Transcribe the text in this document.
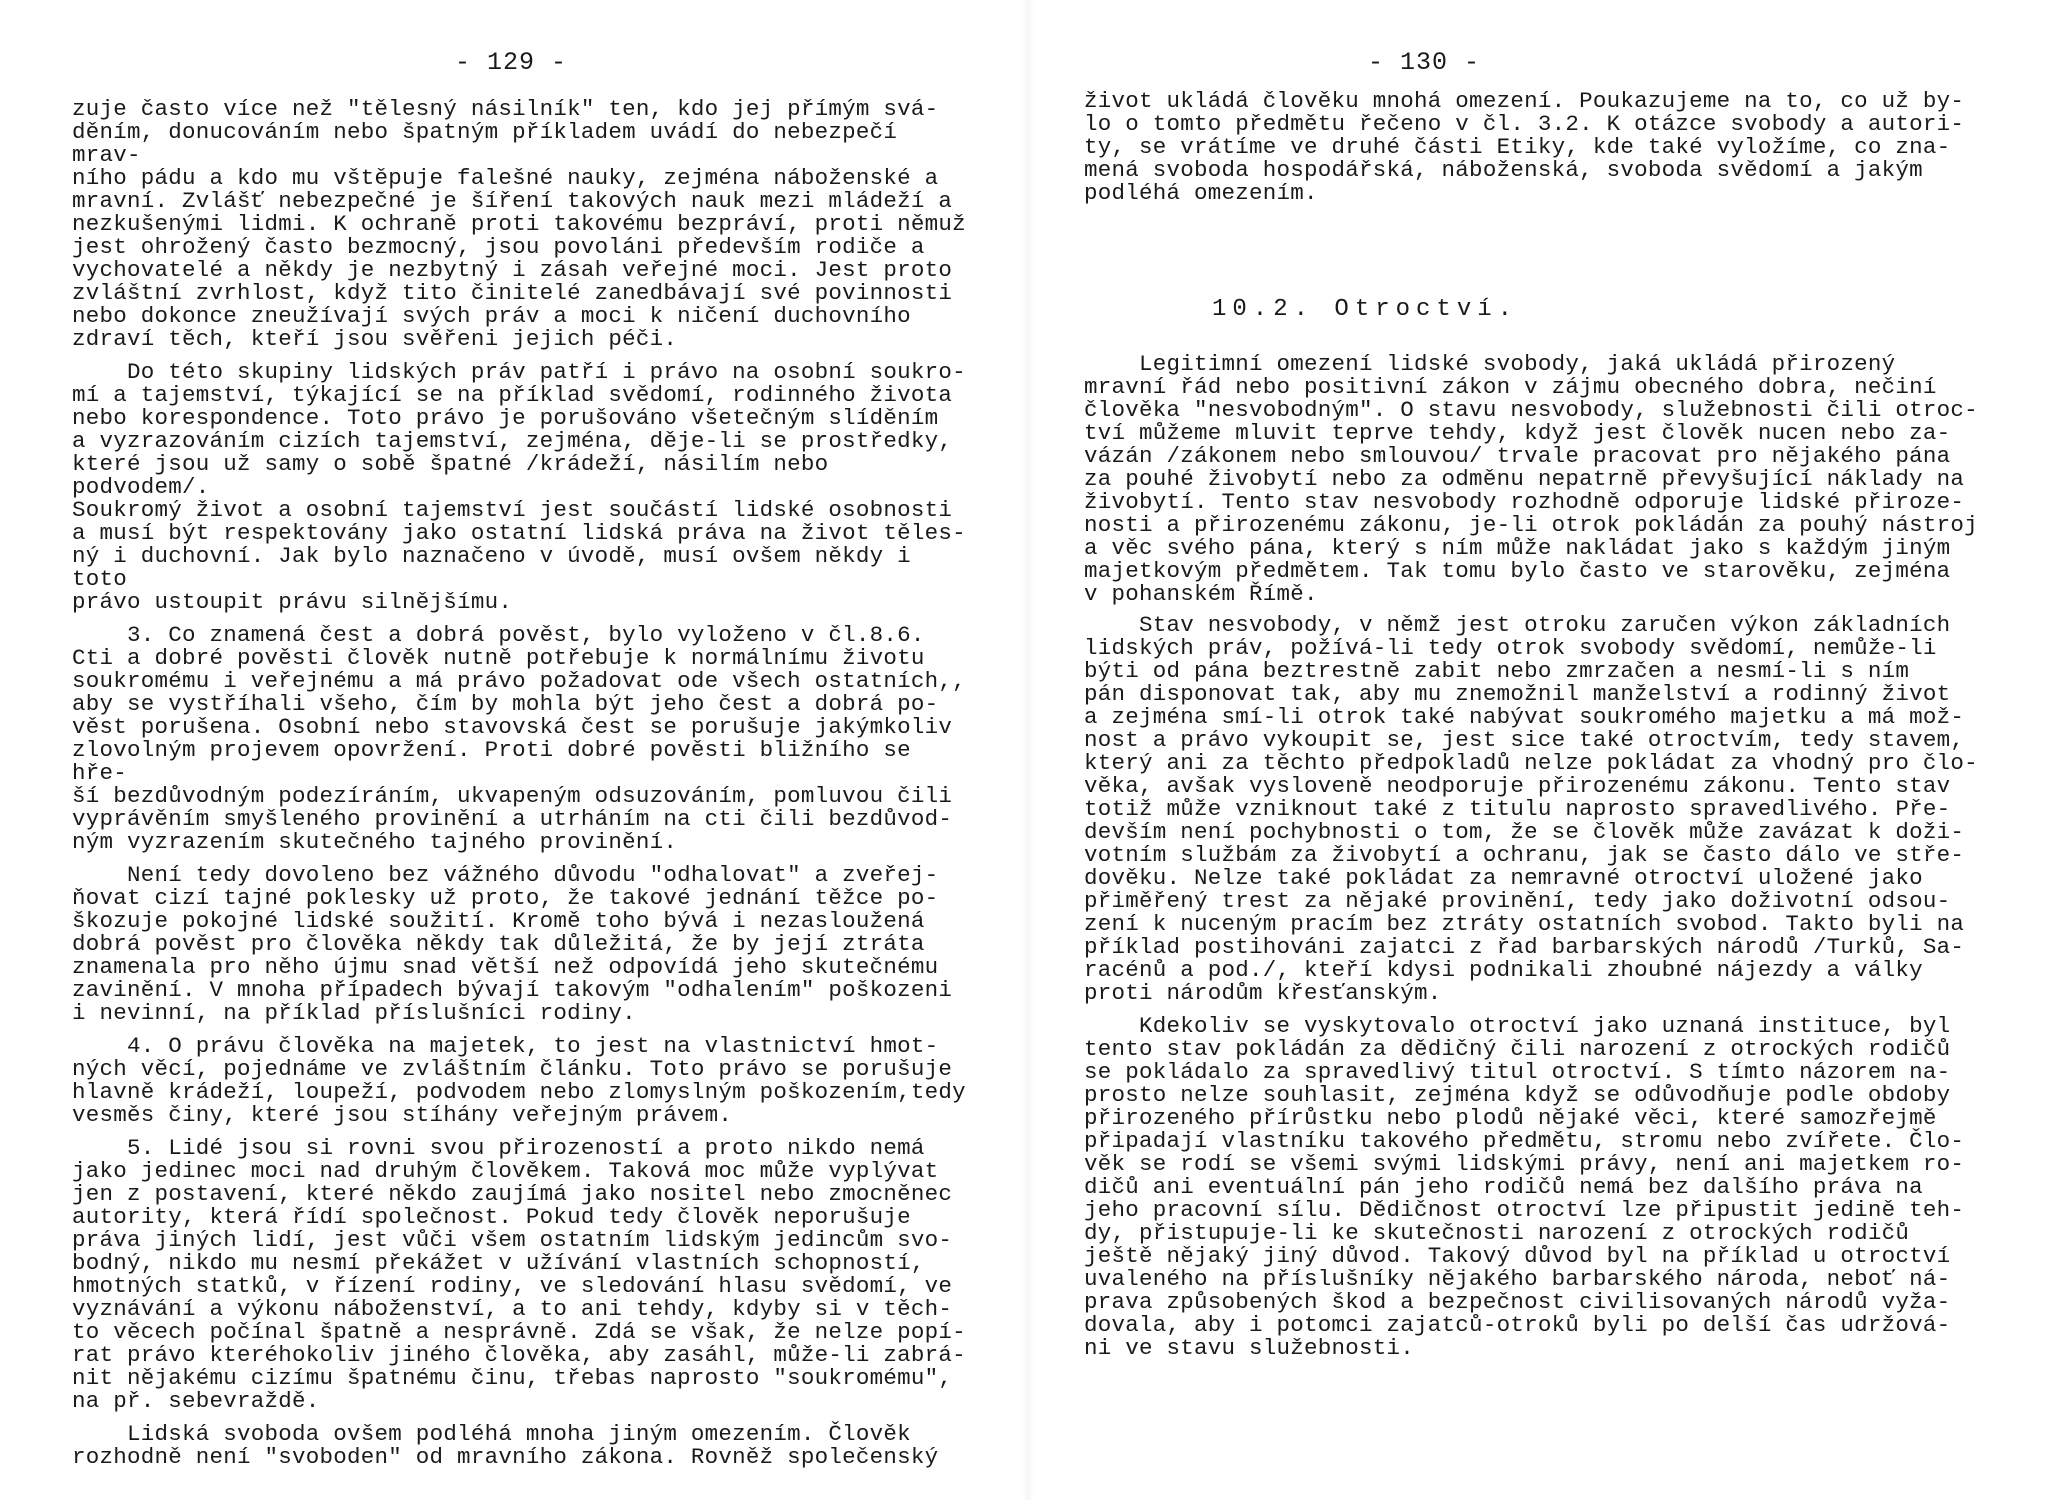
- 129 -

zuje často více než "tělesný násilník" ten, kdo jej přímým svá-
děním, donucováním nebo špatným příkladem uvádí do nebezpečí mrav-
ního pádu a kdo mu vštěpuje falešné nauky, zejména náboženské a
mravní. Zvlášť nebezpečné je šíření takových nauk mezi mládeží a
nezkušenými lidmi. K ochraně proti takovému bezpráví, proti němuž
jest ohrožený často bezmocný, jsou povoláni především rodiče a
vychovatelé a někdy je nezbytný i zásah veřejné moci. Jest proto
zvláštní zvrhlost, když tito činitelé zanedbávají své povinnosti
nebo dokonce zneužívají svých práv a moci k ničení duchovního
zdraví těch, kteří jsou svěřeni jejich péči.

Do této skupiny lidských práv patří i právo na osobní soukro-
mí a tajemství, týkající se na příklad svědomí, rodinného života
nebo korespondence. Toto právo je porušováno všetečným slíděním
a vyzrazováním cizích tajemství, zejména, děje-li se prostředky,
které jsou už samy o sobě špatné /krádeží, násilím nebo podvodem/.
Soukromý život a osobní tajemství jest součástí lidské osobnosti
a musí být respektovány jako ostatní lidská práva na život těles-
ný i duchovní. Jak bylo naznačeno v úvodě, musí ovšem někdy i toto
právo ustoupit právu silnějšímu.

3. Co znamená čest a dobrá pověst, bylo vyloženo v čl.8.6.
Cti a dobré pověsti člověk nutně potřebuje k normálnímu životu
soukromému i veřejnému a má právo požadovat ode všech ostatních,,
aby se vystříhali všeho, čím by mohla být jeho čest a dobrá po-
věst porušena. Osobní nebo stavovská čest se porušuje jakýmkoliv
zlovolným projevem opovržení. Proti dobré pověsti bližního se hře-
ší bezdůvodným podezíráním, ukvapeným odsuzováním, pomluvou čili
vyprávěním smyšleného provinění a utrháním na cti čili bezdůvod-
ným vyzrazením skutečného tajného provinění.

Není tedy dovoleno bez vážného důvodu "odhalovat" a zveřej-
ňovat cizí tajné poklesky už proto, že takové jednání těžce po-
škozuje pokojné lidské soužití. Kromě toho bývá i nezasloužená
dobrá pověst pro člověka někdy tak důležitá, že by její ztráta
znamenala pro něho újmu snad větší než odpovídá jeho skutečnému
zavinění. V mnoha případech bývají takovým "odhalením" poškozeni
i nevinní, na příklad příslušníci rodiny.

4. O právu člověka na majetek, to jest na vlastnictví hmot-
ných věcí, pojednáme ve zvláštním článku. Toto právo se porušuje
hlavně krádeží, loupeží, podvodem nebo zlomyslným poškozením,tedy
vesměs činy, které jsou stíhány veřejným právem.

5. Lidé jsou si rovni svou přirozeností a proto nikdo nemá
jako jedinec moci nad druhým člověkem. Taková moc může vyplývat
jen z postavení, které někdo zaujímá jako nositel nebo zmocněnec
autority, která řídí společnost. Pokud tedy člověk neporušuje
práva jiných lidí, jest vůči všem ostatním lidským jedincům svo-
bodný, nikdo mu nesmí překážet v užívání vlastních schopností,
hmotných statků, v řízení rodiny, ve sledování hlasu svědomí, ve
vyznávání a výkonu náboženství, a to ani tehdy, kdyby si v těch-
to věcech počínal špatně a nesprávně. Zdá se však, že nelze popí-
rat právo kteréhokoliv jiného člověka, aby zasáhl, může-li zabrá-
nit nějakému cizímu špatnému činu, třebas naprosto "soukromému",
na př. sebevraždě.

Lidská svoboda ovšem podléhá mnoha jiným omezením. Člověk
rozhodně není "svoboden" od mravního zákona. Rovněž společenský

- 130 -

život ukládá člověku mnohá omezení. Poukazujeme na to, co už by-
lo o tomto předmětu řečeno v čl. 3.2. K otázce svobody a autori-
ty, se vrátíme ve druhé části Etiky, kde také vyložíme, co zna-
mená svoboda hospodářská, náboženská, svoboda svědomí a jakým
podléhá omezením.

10.2. Otroctví.

Legitimní omezení lidské svobody, jaká ukládá přirozený
mravní řád nebo positivní zákon v zájmu obecného dobra, nečiní
člověka "nesvobodným". O stavu nesvobody, služebnosti čili otroc-
tví můžeme mluvit teprve tehdy, když jest člověk nucen nebo za-
vázán /zákonem nebo smlouvou/ trvale pracovat pro nějakého pána
za pouhé živobytí nebo za odměnu nepatrně převyšující náklady na
živobytí. Tento stav nesvobody rozhodně odporuje lidské přiroze-
nosti a přirozenému zákonu, je-li otrok pokládán za pouhý nástroj
a věc svého pána, který s ním může nakládat jako s každým jiným
majetkovým předmětem. Tak tomu bylo často ve starověku, zejména
v pohanském Římě.

Stav nesvobody, v němž jest otroku zaručen výkon základních
lidských práv, požívá-li tedy otrok svobody svědomí, nemůže-li
býti od pána beztrestně zabit nebo zmrzačen a nesmí-li s ním
pán disponovat tak, aby mu znemožnil manželství a rodinný život
a zejména smí-li otrok také nabývat soukromého majetku a má mož-
nost a právo vykoupit se, jest sice také otroctvím, tedy stavem,
který ani za těchto předpokladů nelze pokládat za vhodný pro člo-
věka, avšak vysloveně neodporuje přirozenému zákonu. Tento stav
totiž může vzniknout také z titulu naprosto spravedlivého. Pře-
devším není pochybnosti o tom, že se člověk může zavázat k doži-
votním službám za živobytí a ochranu, jak se často dálo ve stře-
dověku. Nelze také pokládat za nemravné otroctví uložené jako
přiměřený trest za nějaké provinění, tedy jako doživotní odsou-
zení k nuceným pracím bez ztráty ostatních svobod. Takto byli na
příklad postihováni zajatci z řad barbarských národů /Turků, Sa-
racénů a pod./, kteří kdysi podnikali zhoubné nájezdy a války
proti národům křesťanským.

Kdekoliv se vyskytovalo otroctví jako uznaná instituce, byl
tento stav pokládán za dědičný čili narození z otrockých rodičů
se pokládalo za spravedlivý titul otroctví. S tímto názorem na-
prosto nelze souhlasit, zejména když se odůvodňuje podle obdoby
přirozeného přírůstku nebo plodů nějaké věci, které samozřejmě
připadají vlastníku takového předmětu, stromu nebo zvířete. Člo-
věk se rodí se všemi svými lidskými právy, není ani majetkem ro-
dičů ani eventuální pán jeho rodičů nemá bez dalšího práva na
jeho pracovní sílu. Dědičnost otroctví lze připustit jedině teh-
dy, přistupuje-li ke skutečnosti narození z otrockých rodičů
ještě nějaký jiný důvod. Takový důvod byl na příklad u otroctví
uvaleného na příslušníky nějakého barbarského národa, neboť ná-
prava způsobených škod a bezpečnost civilisovaných národů vyža-
dovala, aby i potomci zajatců-otroků byli po delší čas udržová-
ni ve stavu služebnosti.
